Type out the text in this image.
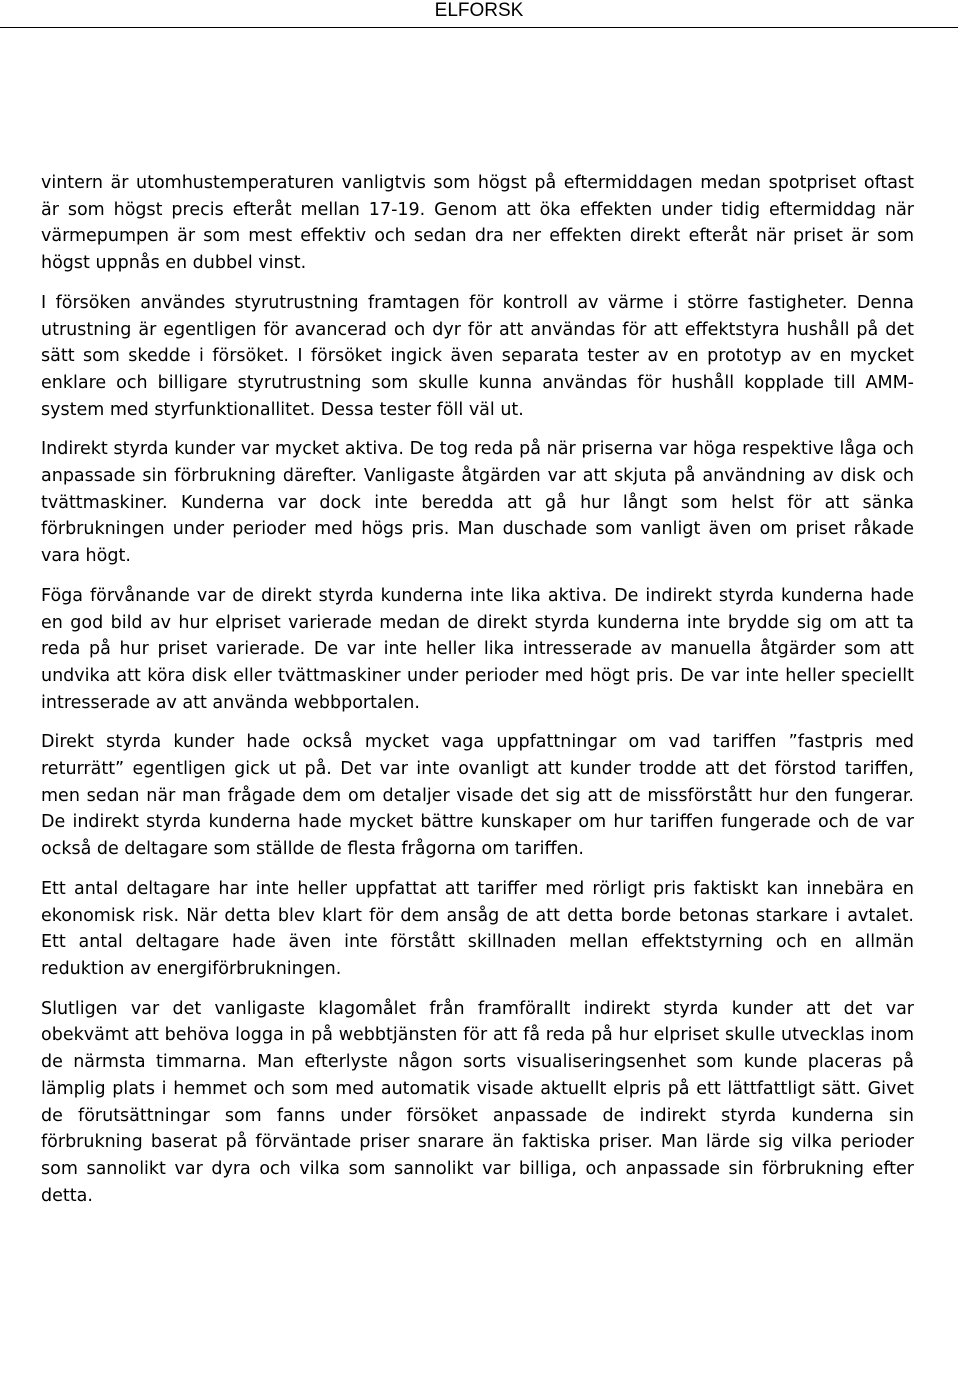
ELFORSK

vintern är utomhustemperaturen vanligtvis som högst på eftermiddagen medan spotpriset oftast är som högst precis efteråt mellan 17-19. Genom att öka effekten under tidig eftermiddag när värmepumpen är som mest effektiv och sedan dra ner effekten direkt efteråt när priset är som högst uppnås en dubbel vinst.

I försöken användes styrutrustning framtagen för kontroll av värme i större fastigheter. Denna utrustning är egentligen för avancerad och dyr för att användas för att effektstyra hushåll på det sätt som skedde i försöket. I försöket ingick även separata tester av en prototyp av en mycket enklare och billigare styrutrustning som skulle kunna användas för hushåll kopplade till AMM-system med styrfunktionallitet. Dessa tester föll väl ut.

Indirekt styrda kunder var mycket aktiva. De tog reda på när priserna var höga respektive låga och anpassade sin förbrukning därefter. Vanligaste åtgärden var att skjuta på användning av disk och tvättmaskiner. Kunderna var dock inte beredda att gå hur långt som helst för att sänka förbrukningen under perioder med högs pris. Man duschade som vanligt även om priset råkade vara högt.

Föga förvånande var de direkt styrda kunderna inte lika aktiva. De indirekt styrda kunderna hade en god bild av hur elpriset varierade medan de direkt styrda kunderna inte brydde sig om att ta reda på hur priset varierade. De var inte heller lika intresserade av manuella åtgärder som att undvika att köra disk eller tvättmaskiner under perioder med högt pris. De var inte heller speciellt intresserade av att använda webbportalen.

Direkt styrda kunder hade också mycket vaga uppfattningar om vad tariffen ”fastpris med returrätt” egentligen gick ut på. Det var inte ovanligt att kunder trodde att det förstod tariffen, men sedan när man frågade dem om detaljer visade det sig att de missförstått hur den fungerar. De indirekt styrda kunderna hade mycket bättre kunskaper om hur tariffen fungerade och de var också de deltagare som ställde de flesta frågorna om tariffen.

Ett antal deltagare har inte heller uppfattat att tariffer med rörligt pris faktiskt kan innebära en ekonomisk risk. När detta blev klart för dem ansåg de att detta borde betonas starkare i avtalet. Ett antal deltagare hade även inte förstått skillnaden mellan effektstyrning och en allmän reduktion av energiförbrukningen.

Slutligen var det vanligaste klagomålet från framförallt indirekt styrda kunder att det var obekvämt att behöva logga in på webbtjänsten för att få reda på hur elpriset skulle utvecklas inom de närmsta timmarna. Man efterlyste någon sorts visualiseringsenhet som kunde placeras på lämplig plats i hemmet och som med automatik visade aktuellt elpris på ett lättfattligt sätt. Givet de förutsättningar som fanns under försöket anpassade de indirekt styrda kunderna sin förbrukning baserat på förväntade priser snarare än faktiska priser. Man lärde sig vilka perioder som sannolikt var dyra och vilka som sannolikt var billiga, och anpassade sin förbrukning efter detta.
